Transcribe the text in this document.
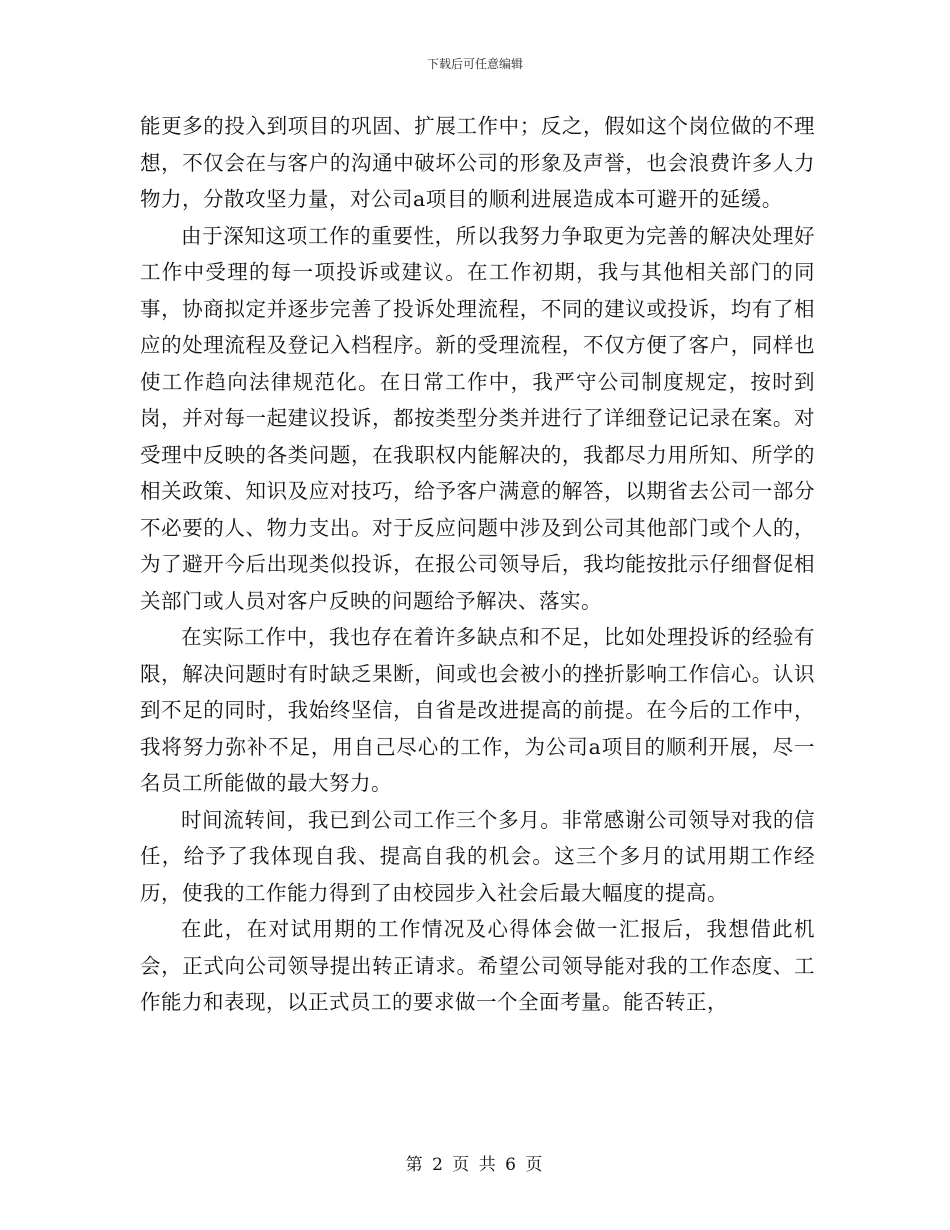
下载后可任意编辑

能更多的投入到项目的巩固、扩展工作中；反之，假如这个岗位做的不理想，不仅会在与客户的沟通中破坏公司的形象及声誉，也会浪费许多人力物力，分散攻坚力量，对公司a项目的顺利进展造成本可避开的延缓。

由于深知这项工作的重要性，所以我努力争取更为完善的解决处理好工作中受理的每一项投诉或建议。在工作初期，我与其他相关部门的同事，协商拟定并逐步完善了投诉处理流程，不同的建议或投诉，均有了相应的处理流程及登记入档程序。新的受理流程，不仅方便了客户，同样也使工作趋向法律规范化。在日常工作中，我严守公司制度规定，按时到岗，并对每一起建议投诉，都按类型分类并进行了详细登记记录在案。对受理中反映的各类问题，在我职权内能解决的，我都尽力用所知、所学的相关政策、知识及应对技巧，给予客户满意的解答，以期省去公司一部分不必要的人、物力支出。对于反应问题中涉及到公司其他部门或个人的，为了避开今后出现类似投诉，在报公司领导后，我均能按批示仔细督促相关部门或人员对客户反映的问题给予解决、落实。

在实际工作中，我也存在着许多缺点和不足，比如处理投诉的经验有限，解决问题时有时缺乏果断，间或也会被小的挫折影响工作信心。认识到不足的同时，我始终坚信，自省是改进提高的前提。在今后的工作中，我将努力弥补不足，用自己尽心的工作，为公司a项目的顺利开展，尽一名员工所能做的最大努力。

时间流转间，我已到公司工作三个多月。非常感谢公司领导对我的信任，给予了我体现自我、提高自我的机会。这三个多月的试用期工作经历，使我的工作能力得到了由校园步入社会后最大幅度的提高。

在此，在对试用期的工作情况及心得体会做一汇报后，我想借此机会，正式向公司领导提出转正请求。希望公司领导能对我的工作态度、工作能力和表现，以正式员工的要求做一个全面考量。能否转正，

第 2 页 共 6 页
